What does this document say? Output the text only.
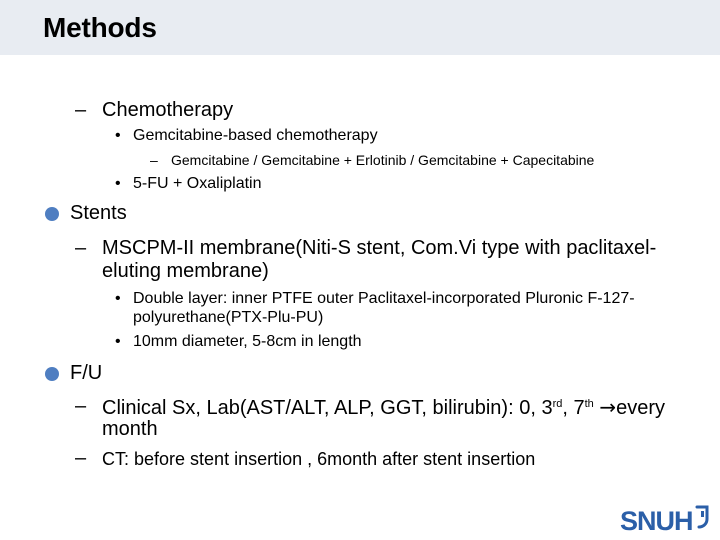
Methods
– Chemotherapy
• Gemcitabine-based chemotherapy
– Gemcitabine / Gemcitabine + Erlotinib / Gemcitabine + Capecitabine
• 5-FU + Oxaliplatin
Stents
– MSCPM-II membrane(Niti-S stent, Com.Vi type with paclitaxel-
eluting membrane)
• Double layer: inner PTFE outer Paclitaxel-incorporated Pluronic F-127-
polyurethane(PTX-Plu-PU)
• 10mm diameter, 5-8cm in length
F/U
– Clinical Sx, Lab(AST/ALT, ALP, GGT, bilirubin): 0, 3rd, 7th →every
month
– CT: before stent insertion , 6month after stent insertion
SNUH
